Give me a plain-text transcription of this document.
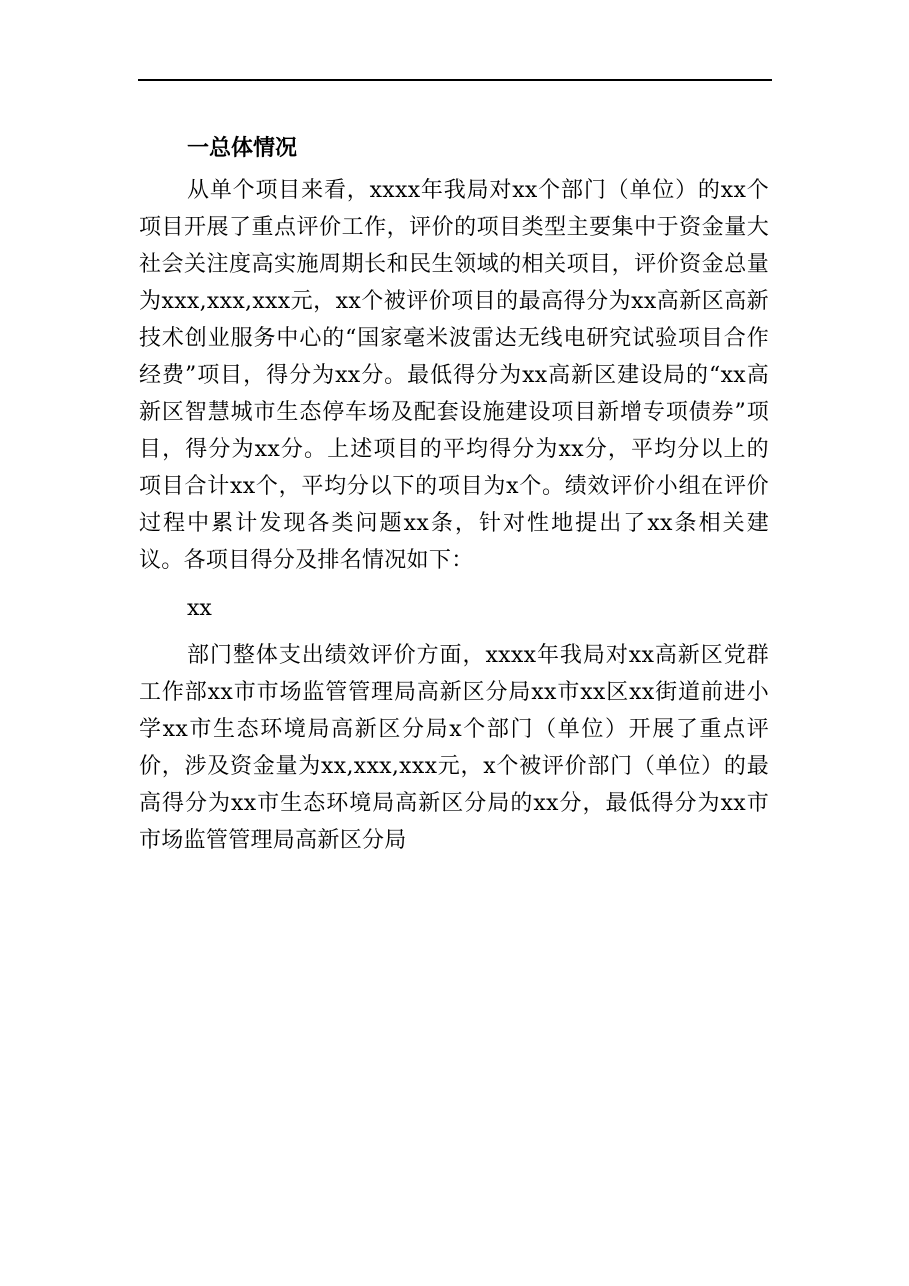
一总体情况

从单个项目来看，xxxx年我局对xx个部门（单位）的xx个项目开展了重点评价工作，评价的项目类型主要集中于资金量大社会关注度高实施周期长和民生领域的相关项目，评价资金总量为xxx,xxx,xxx元，xx个被评价项目的最高得分为xx高新区高新技术创业服务中心的“国家毫米波雷达无线电研究试验项目合作经费”项目，得分为xx分。最低得分为xx高新区建设局的“xx高新区智慧城市生态停车场及配套设施建设项目新增专项债券”项目，得分为xx分。上述项目的平均得分为xx分，平均分以上的项目合计xx个，平均分以下的项目为x个。绩效评价小组在评价过程中累计发现各类问题xx条，针对性地提出了xx条相关建议。各项目得分及排名情况如下：

xx

部门整体支出绩效评价方面，xxxx年我局对xx高新区党群工作部xx市市场监管管理局高新区分局xx市xx区xx街道前进小学xx市生态环境局高新区分局x个部门（单位）开展了重点评价，涉及资金量为xx,xxx,xxx元，x个被评价部门（单位）的最高得分为xx市生态环境局高新区分局的xx分，最低得分为xx市市场监管管理局高新区分局
